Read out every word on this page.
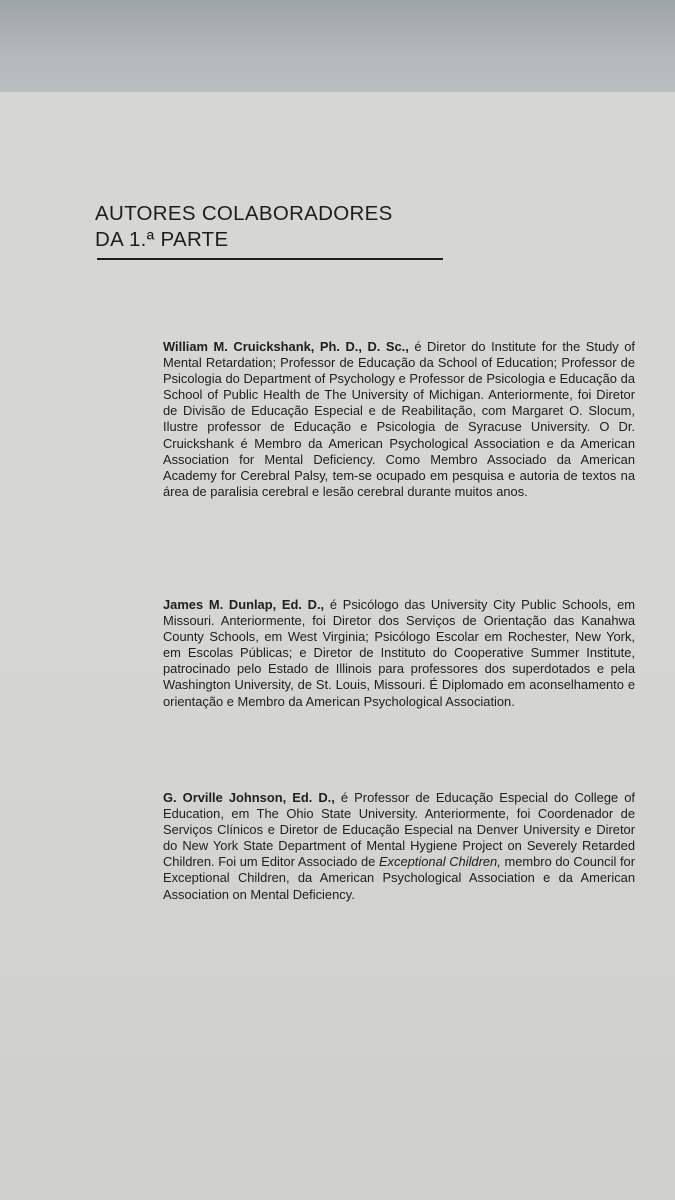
AUTORES COLABORADORES
DA 1.ª PARTE

William M. Cruickshank, Ph. D., D. Sc., é Diretor do Institute for the Study of Mental Retardation; Professor de Educação da School of Education; Professor de Psicologia do Department of Psychology e Professor de Psicologia e Educação da School of Public Health de The University of Michigan. Anteriormente, foi Diretor de Divisão de Educação Especial e de Reabilitação, com Margaret O. Slocum, Ilustre professor de Educação e Psicologia de Syracuse University. O Dr. Cruickshank é Membro da American Psychological Association e da American Association for Mental Deficiency. Como Membro Associado da American Academy for Cerebral Palsy, tem-se ocupado em pesquisa e autoria de textos na área de paralisia cerebral e lesão cerebral durante muitos anos.

James M. Dunlap, Ed. D., é Psicólogo das University City Public Schools, em Missouri. Anteriormente, foi Diretor dos Serviços de Orientação das Kanahwa County Schools, em West Virginia; Psicólogo Escolar em Rochester, New York, em Escolas Públicas; e Diretor de Instituto do Cooperative Summer Institute, patrocinado pelo Estado de Illinois para professores dos superdotados e pela Washington University, de St. Louis, Missouri. É Diplomado em aconselhamento e orientação e Membro da American Psychological Association.

G. Orville Johnson, Ed. D., é Professor de Educação Especial do College of Education, em The Ohio State University. Anteriormente, foi Coordenador de Serviços Clínicos e Diretor de Educação Especial na Denver University e Diretor do New York State Department of Mental Hygiene Project on Severely Retarded Children. Foi um Editor Associado de Exceptional Children, membro do Council for Exceptional Children, da American Psychological Association e da American Association on Mental Deficiency.
